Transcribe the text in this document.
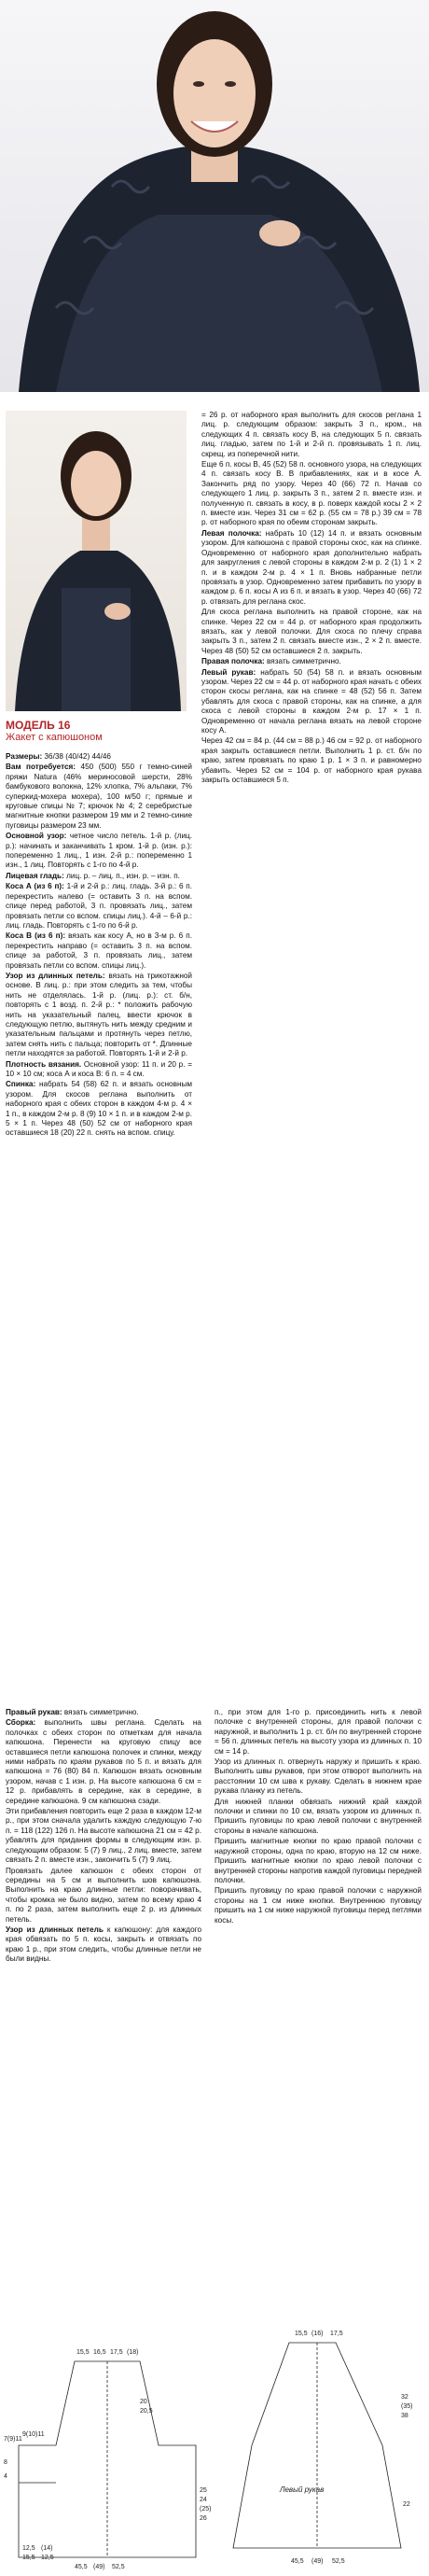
МОДЕЛЬ 16
Жакет с капюшоном

Размеры: 36/38 (40/42) 44/46

Вам потребуется: 450 (500) 550 г темно-синей пряжи Natura (46% мериносовой шерсти, 28% бамбукового волокна, 12% хлопка, 7% альпаки, 7% суперкид-мохера мохера), 100 м/50 г; прямые и круговые спицы № 7; крючок № 4; 2 серебристые магнитные кнопки размером 19 мм и 2 темно-синие пуговицы размером 23 мм.

Основной узор: четное число петель. 1-й р. (лиц. р.): начинать и заканчивать 1 кром. 1-й р. (изн. р.): попеременно 1 лиц., 1 изн. 2-й р.: попеременно 1 изн., 1 лиц. Повторять с 1-го по 4-й р.

Лицевая гладь: лиц. р. – лиц. п., изн. р. – изн. п.

Коса А (из 6 п): 1-й и 2-й р.: лиц. гладь. 3-й р.: 6 п. перекрестить налево (= оставить 3 п. на вспом. спице перед работой, 3 п. провязать лиц., затем провязать петли со вспом. спицы лиц.). 4-й – 6-й р.: лиц. гладь. Повторять с 1-го по 6-й р.

Коса В (из 6 п): вязать как косу А, но в 3-м р. 6 п. перекрестить направо (= оставить 3 п. на вспом. спице за работой, 3 п. провязать лиц., затем провязать петли со вспом. спицы лиц.).

Узор из длинных петель: вязать на трикотажной основе. В лиц. р.: при этом следить за тем, чтобы нить не отделялась. 1-й р. (лиц. р.): ст. б/н, повторять с 1 возд. п. 2-й р.: * положить рабочую нить на указательный палец, ввести крючок в следующую петлю, вытянуть нить между средним и указательным пальцами и протянуть через петлю, затем снять нить с пальца; повторить от *. Длинные петли находятся за работой. Повторять 1-й и 2-й р.

Плотность вязания. Основной узор: 11 п. и 20 р. = 10 × 10 см; коса А и коса В: 6 п. = 4 см.

Спинка: набрать 54 (58) 62 п. и вязать основным узором. Для скосов реглана выполнить от наборного края с обеих сторон в каждом 4-м р. 4 × 1 п., в каждом 2-м р. 8 (9) 10 × 1 п. и в каждом 2-м р. 5 × 1 п. Через 48 (50) 52 см от наборного края оставшиеся 18 (20) 22 п. снять на вспом. спицу.

= 26 р. от наборного края выполнить для скосов реглана 1 лиц. р. следующим образом: закрыть 3 п., кром., на следующих 4 п. связать косу В, на следующих 5 п. связать лиц. гладью, затем по 1-й и 2-й п. провязывать 1 п. лиц. скрещ. из поперечной нити.

Еще 6 п. косы В, 45 (52) 58 п. основного узора, на следующих 4 п. связать косу В. В прибавлениях, как и в косе А. Закончить ряд по узору. Через 40 (66) 72 п. Начав со следующего 1 лиц. р. закрыть 3 п., затем 2 п. вместе изн. и полученную п. связать в косу, в р. поверх каждой косы 2 × 2 п. вместе изн. Через 31 см = 62 р. (55 см = 78 р.) 39 см = 78 р. от наборного края по обеим сторонам закрыть.

Левая полочка: набрать 10 (12) 14 п. и вязать основным узором. Для капюшона с правой стороны скос, как на спинке. Одновременно от наборного края дополнительно набрать для закругления с левой стороны в каждом 2-м р. 2 (1) 1 × 2 п. и в каждом 2-м р. 4 × 1 п. Вновь набранные петли провязать в узор. Одновременно затем прибавить по узору в каждом р. 6 п. косы А из 6 п. и вязать в узор. Через 40 (66) 72 р. отвязать для реглана скос.

Для скоса реглана выполнить на правой стороне, как на спинке. Через 22 см = 44 р. от наборного края продолжить вязать, как у левой полочки. Для скоса по плечу справа закрыть 3 п., затем 2 п. связать вместе изн., 2 × 2 п. вместе. Через 48 (50) 52 см оставшиеся 2 п. закрыть.

Правая полочка: вязать симметрично.

Левый рукав: набрать 50 (54) 58 п. и вязать основным узором. Через 22 см = 44 р. от наборного края начать с обеих сторон скосы реглана, как на спинке = 48 (52) 56 п. Затем убавлять для скоса с правой стороны, как на спинке, а для скоса с левой стороны в каждом 2-м р. 17 × 1 п. Одновременно от начала реглана вязать на левой стороне косу А.

Через 42 см = 84 р. (44 см = 88 р.) 46 см = 92 р. от наборного края закрыть оставшиеся петли. Выполнить 1 р. ст. б/н по краю, затем провязать по краю 1 р. 1 × 3 п. и равномерно убавить. Через 52 см = 104 р. от наборного края рукава закрыть оставшиеся 5 п.

Правый рукав: вязать симметрично.

Сборка: выполнить швы реглана. Сделать на полочках с обеих сторон по отметкам для начала капюшона. Перенести на круговую спицу все оставшиеся петли капюшона полочек и спинки, между ними набрать по краям рукавов по 5 п. и вязать для капюшона = 76 (80) 84 п. Капюшон вязать основным узором, начав с 1 изн. р. На высоте капюшона 6 см = 12 р. прибавлять в середине, как в середине, в середине капюшона. 9 см капюшона сзади.

Эти прибавления повторить еще 2 раза в каждом 12-м р., при этом сначала удалить каждую следующую 7-ю п. = 118 (122) 126 п. На высоте капюшона 21 см = 42 р. убавлять для придания формы в следующим изн. р. следующим образом: 5 (7) 9 лиц., 2 лиц. вместе, затем связать 2 п. вместе изн., закончить 5 (7) 9 лиц.

Провязать далее капюшон с обеих сторон от середины на 5 см и выполнить шов капюшона. Выполнить на краю длинные петли: поворачивать, чтобы кромка не было видно, затем по всему краю 4 п. по 2 раза, затем выполнить еще 2 р. из длинных петель.

Узор из длинных петель к капюшону: для каждого края обвязать по 5 п. косы, закрыть и отвязать по краю 1 р., при этом следить, чтобы длинные петли не были видны.

п., при этом для 1-го р. присоединить нить к левой полочке с внутренней стороны, для правой полочки с наружной, и выполнить 1 р. ст. б/н по внутренней стороне = 56 п. длинных петель на высоту узора из длинных п. 10 см = 14 р.

Узор из длинных п. отвернуть наружу и пришить к краю. Выполнить швы рукавов, при этом отворот выполнить на расстоянии 10 см шва к рукаву. Сделать в нижнем крае рукава планку из петель.

Для нижней планки обвязать нижний край каждой полочки и спинки по 10 см, вязать узором из длинных п. Пришить пуговицы по краю левой полочки с внутренней стороны в начале капюшона.

Пришить магнитные кнопки по краю правой полочки с наружной стороны, одна по краю, вторую на 12 см ниже. Пришить магнитные кнопки по краю левой полочки с внутренней стороны напротив каждой пуговицы передней полочки.

Пришить пуговицу по краю правой полочки с наружной стороны на 1 см ниже кнопки. Внутреннюю пуговицу пришить на 1 см ниже наружной пуговицы перед петлями косы.

15,5 16,5 17,5 (18)
20
20,5
25
24
(25)
26
45,5 (49) 52,5
7(9)11
8
4
9(10)11
12,5 (14)
15,5 12,5
15,5 (16) 17,5
32
(35)
38
22
45,5 (49) 52,5
Левый рукав
